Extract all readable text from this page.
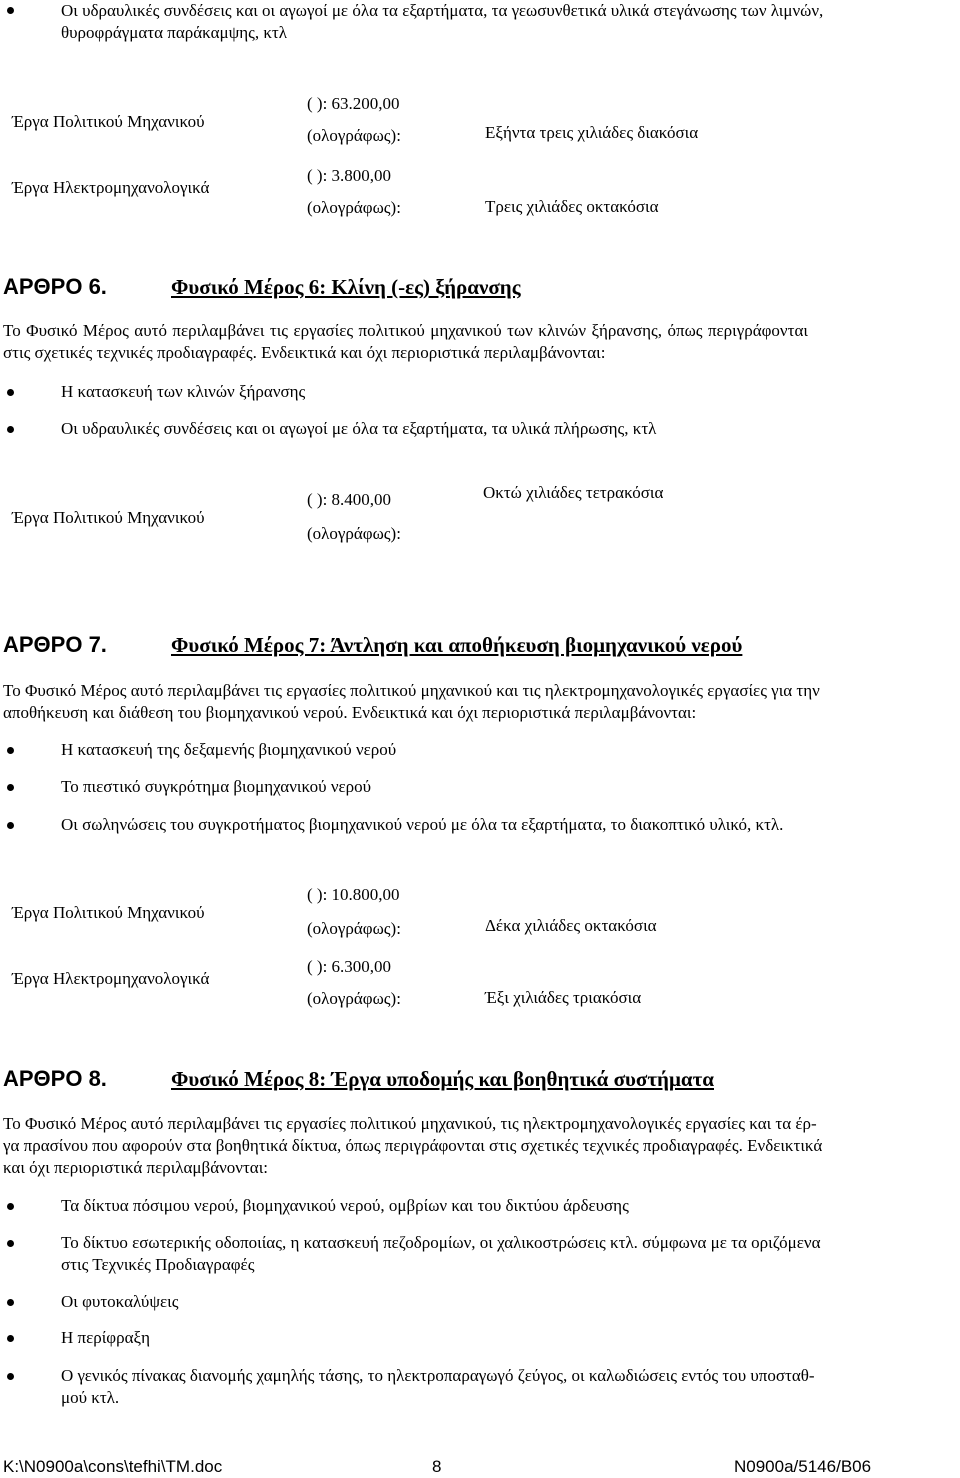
Οι υδραυλικές συνδέσεις και οι αγωγοί με όλα τα εξαρτήματα, τα γεωσυνθετικά υλικά στεγάνωσης των λιμνών,
θυροφράγματα παράκαμψης, κτλ
Έργα Πολιτικού Μηχανικού
( ): 63.200,00
(ολογράφως):	Εξήντα τρεις χιλιάδες διακόσια
Έργα Ηλεκτρομηχανολογικά
( ): 3.800,00
(ολογράφως):	Τρεις χιλιάδες οκτακόσια
ΑΡΘΡΟ 6.	Φυσικό Μέρος 6: Κλίνη (-ες) ξήρανσης
Το Φυσικό Μέρος αυτό περιλαμβάνει τις εργασίες πολιτικού μηχανικού των κλινών ξήρανσης, όπως περιγράφονται
στις σχετικές τεχνικές προδιαγραφές. Ενδεικτικά και όχι περιοριστικά περιλαμβάνονται:
Η κατασκευή των κλινών ξήρανσης
Οι υδραυλικές συνδέσεις και οι αγωγοί με όλα τα εξαρτήματα, τα υλικά πλήρωσης, κτλ
Έργα Πολιτικού Μηχανικού
( ): 8.400,00
(ολογράφως):
Οκτώ χιλιάδες τετρακόσια
ΑΡΘΡΟ 7.	Φυσικό Μέρος 7: Άντληση και αποθήκευση βιομηχανικού νερού
Το Φυσικό Μέρος αυτό περιλαμβάνει τις εργασίες πολιτικού μηχανικού και τις ηλεκτρομηχανολογικές εργασίες για την
αποθήκευση και διάθεση του βιομηχανικού νερού. Ενδεικτικά και όχι περιοριστικά περιλαμβάνονται:
Η κατασκευή της δεξαμενής βιομηχανικού νερού
Το πιεστικό συγκρότημα βιομηχανικού νερού
Οι σωληνώσεις του συγκροτήματος βιομηχανικού νερού με όλα τα εξαρτήματα, το διακοπτικό υλικό, κτλ.
Έργα Πολιτικού Μηχανικού
( ): 10.800,00
(ολογράφως):	Δέκα χιλιάδες οκτακόσια
Έργα Ηλεκτρομηχανολογικά
( ): 6.300,00
(ολογράφως):	Έξι χιλιάδες τριακόσια
ΑΡΘΡΟ 8.	Φυσικό Μέρος 8: Έργα υποδομής και βοηθητικά συστήματα
Το Φυσικό Μέρος αυτό περιλαμβάνει τις εργασίες πολιτικού μηχανικού, τις ηλεκτρομηχανολογικές εργασίες και τα έρ-
γα πρασίνου που αφορούν στα βοηθητικά δίκτυα, όπως περιγράφονται στις σχετικές τεχνικές προδιαγραφές. Ενδεικτικά
και όχι περιοριστικά περιλαμβάνονται:
Τα δίκτυα πόσιμου νερού, βιομηχανικού νερού, ομβρίων και του δικτύου άρδευσης
Το δίκτυο εσωτερικής οδοποιίας, η κατασκευή πεζοδρομίων, οι χαλικοστρώσεις κτλ. σύμφωνα με τα οριζόμενα
στις Τεχνικές Προδιαγραφές
Οι φυτοκαλύψεις
Η περίφραξη
Ο γενικός πίνακας διανομής χαμηλής τάσης, το ηλεκτροπαραγωγό ζεύγος, οι καλωδιώσεις εντός του υποσταθ-
μού κτλ.
K:\N0900a\cons\tefhi\TM.doc	8	N0900a/5146/B06
